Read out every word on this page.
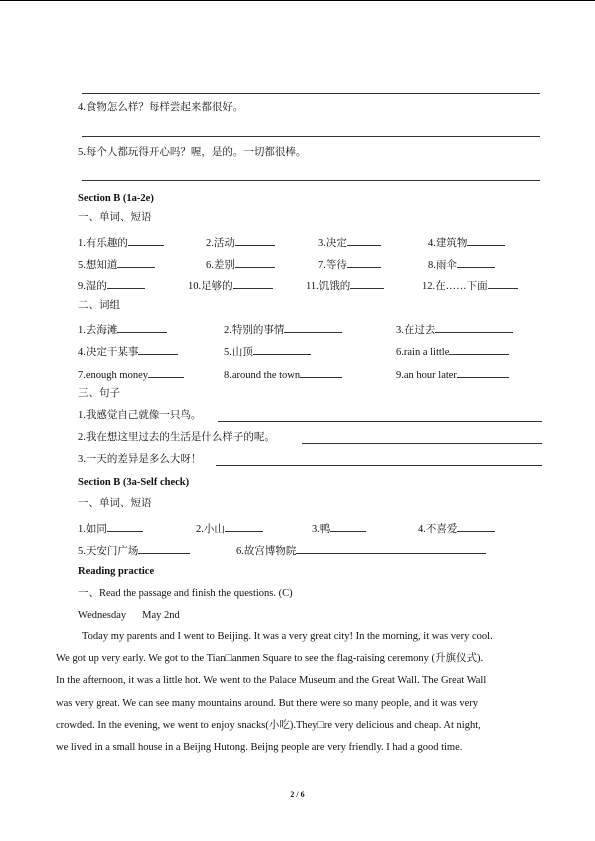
4.食物怎么样？每样尝起来都很好。
5.每个人都玩得开心吗？喔，是的。一切都很棒。
Section B (1a-2e)
一、单词、短语
1.有乐趣的	2.活动	3.决定	4.建筑物
5.想知道	6.差别	7.等待	8.雨伞
9.湿的	10.足够的	11.饥饿的	12.在……下面
二、词组
1.去海滩	2.特别的事情	3.在过去
4.决定干某事	5.山顶	6.rain a little
7.enough money	8.around the town	9.an hour later
三、句子
1.我感觉自己就像一只鸟。
2.我在想这里过去的生活是什么样子的呢。
3.一天的差异是多么大呀！
Section B (3a-Self check)
一、单词、短语
1.如同	2.小山	3.鸭	4.不喜爱
5.天安门广场	6.故宫博物院
Reading practice
一、Read the passage and finish the questions. (C)
Wednesday May 2nd
Today my parents and I went to Beijing. It was a very great city! In the morning, it was very cool.
We got up very early. We got to the Tian□anmen Square to see the flag-raising ceremony (升旗仪式).
In the afternoon, it was a little hot. We went to the Palace Museum and the Great Wall. The Great Wall
was very great. We can see many mountains around. But there were so many people, and it was very
crowded. In the evening, we went to enjoy snacks(小吃).They□re very delicious and cheap. At night,
we lived in a small house in a Beijng Hutong. Beijng people are very friendly. I had a good time.
2 / 6
